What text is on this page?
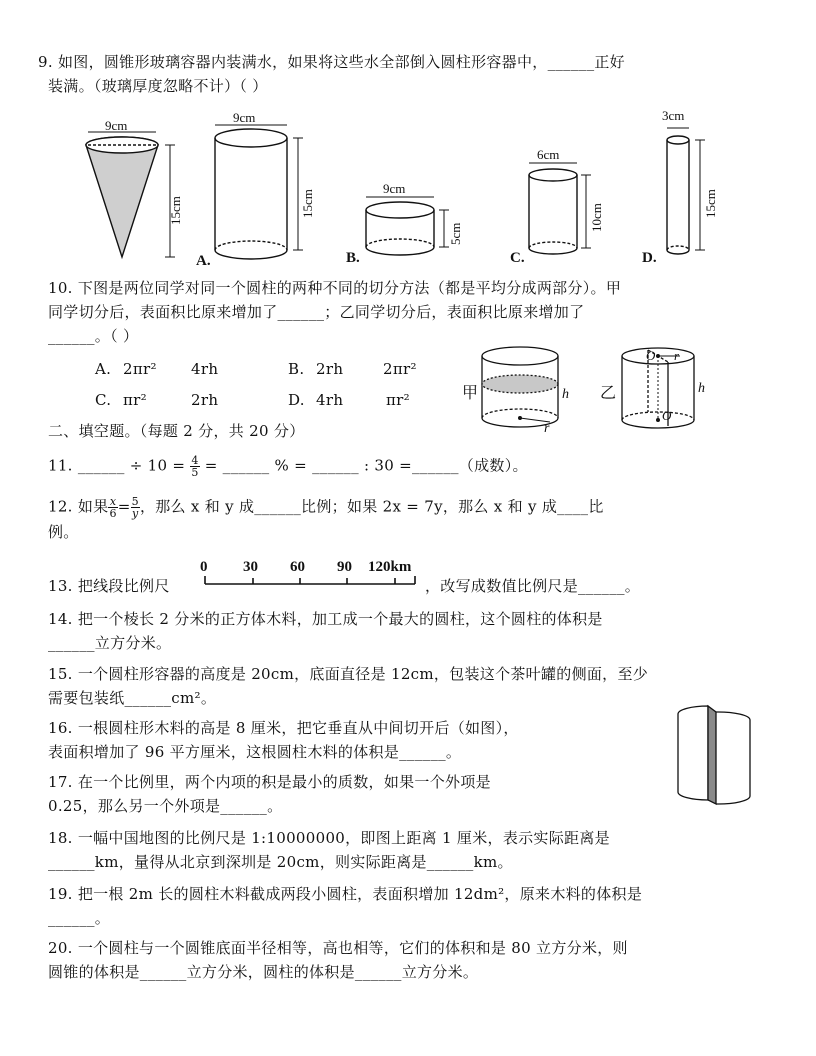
9. 如图，圆锥形玻璃容器内装满水，如果将这些水全部倒入圆柱形容器中，______正好
装满。（玻璃厚度忽略不计）（ ）
9cm
15cm
9cm
15cm
A.
9cm
5cm
B.
6cm
10cm
C.
3cm
15cm
D.
10. 下图是两位同学对同一个圆柱的两种不同的切分方法（都是平均分成两部分）。甲
同学切分后，表面积比原来增加了______；乙同学切分后，表面积比原来增加了
______。（ ）
A. 2πr² 4rh	B. 2rh	2πr²
C. πr²	2rh	D. 4rh	πr²	甲	h
r
乙	h
r
O
O
二、填空题。（每题 2 分，共 20 分）
11. ______ ÷ $10 = \frac{4}{5}$ = ______ % = ______ : 30 =______（成数）。
12. 如果 $\frac{x}{6} = \frac{5}{y}$ ，那么 x 和 y 成______比例；如果 2x = 7y，那么 x 和 y 成____比
例。
13. 把线段比例尺
0 30 60 90 120km
，改写成数值比例尺是______。
14. 把一个棱长 2 分米的正方体木料，加工成一个最大的圆柱，这个圆柱的体积是
______立方分米。
15. 一个圆柱形容器的高度是 20cm，底面直径是 12cm，包装这个茶叶罐的侧面，至少
需要包装纸______cm²。
16. 一根圆柱形木料的高是 8 厘米，把它垂直从中间切开后（如图），
表面积增加了 96 平方厘米，这根圆柱木料的体积是______。
17. 在一个比例里，两个内项的积是最小的质数，如果一个外项是
0.25，那么另一个外项是______。
18. 一幅中国地图的比例尺是 1:10000000，即图上距离 1 厘米，表示实际距离是
______km，量得从北京到深圳是 20cm，则实际距离是______km。
19. 把一根 2m 长的圆柱木料截成两段小圆柱，表面积增加 12dm²，原来木料的体积是
______。
20. 一个圆柱与一个圆锥底面半径相等，高也相等，它们的体积和是 80 立方分米，则
圆锥的体积是______立方分米，圆柱的体积是______立方分米。
